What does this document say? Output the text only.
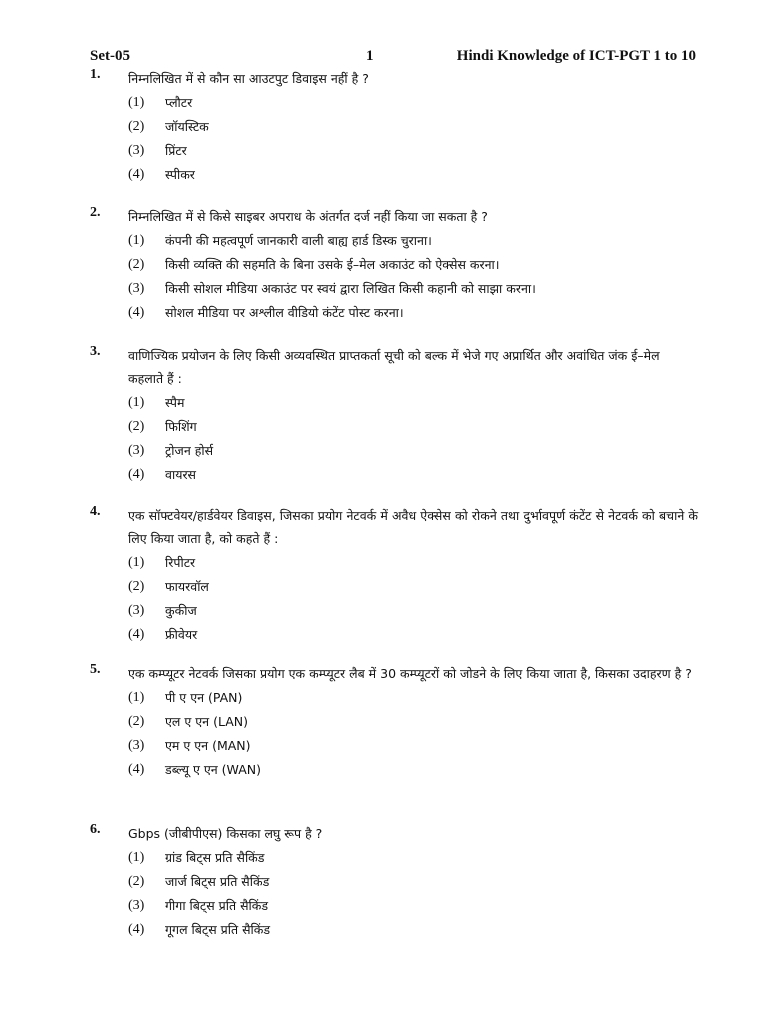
Set-05	1	Hindi Knowledge of ICT-PGT 1 to 10
1. निम्नलिखित में से कौन सा आउटपुट डिवाइस नहीं है ?
(1) प्लौटर
(2) जॉयस्टिक
(3) प्रिंटर
(4) स्पीकर
2. निम्नलिखित में से किसे साइबर अपराध के अंतर्गत दर्ज नहीं किया जा सकता है ?
(1) कंपनी की महत्वपूर्ण जानकारी वाली बाह्य हार्ड डिस्क चुराना।
(2) किसी व्यक्ति की सहमति के बिना उसके ई–मेल अकाउंट को ऐक्सेस करना।
(3) किसी सोशल मीडिया अकाउंट पर स्वयं द्वारा लिखित किसी कहानी को साझा करना।
(4) सोशल मीडिया पर अश्लील वीडियो कंटेंट पोस्ट करना।
3. वाणिज्यिक प्रयोजन के लिए किसी अव्यवस्थित प्राप्तकर्ता सूची को बल्क में भेजे गए अप्रार्थित और अवांधित जंक ई–मेल कहलाते हैं :
(1) स्पैम
(2) फिशिंग
(3) ट्रोजन होर्स
(4) वायरस
4. एक सॉफ्टवेयर/हार्डवेयर डिवाइस, जिसका प्रयोग नेटवर्क में अवैध ऐक्सेस को रोकने तथा दुर्भावपूर्ण कंटेंट से नेटवर्क को बचाने के लिए किया जाता है, को कहते हैं :
(1) रिपीटर
(2) फायरवॉल
(3) कुकीज
(4) फ्रीवेयर
5. एक कम्प्यूटर नेटवर्क जिसका प्रयोग एक कम्प्यूटर लैब में 30 कम्प्यूटरों को जोडने के लिए किया जाता है, किसका उदाहरण है ?
(1) पी ए एन (PAN)
(2) एल ए एन (LAN)
(3) एम ए एन (MAN)
(4) डब्ल्यू ए एन (WAN)
6. Gbps (जीबीपीएस) किसका लघु रूप है ?
(1) ग्रांड बिट्स प्रति सैकिंड
(2) जार्ज बिट्स प्रति सैकिंड
(3) गीगा बिट्स प्रति सैकिंड
(4) गूगल बिट्स प्रति सैकिंड
